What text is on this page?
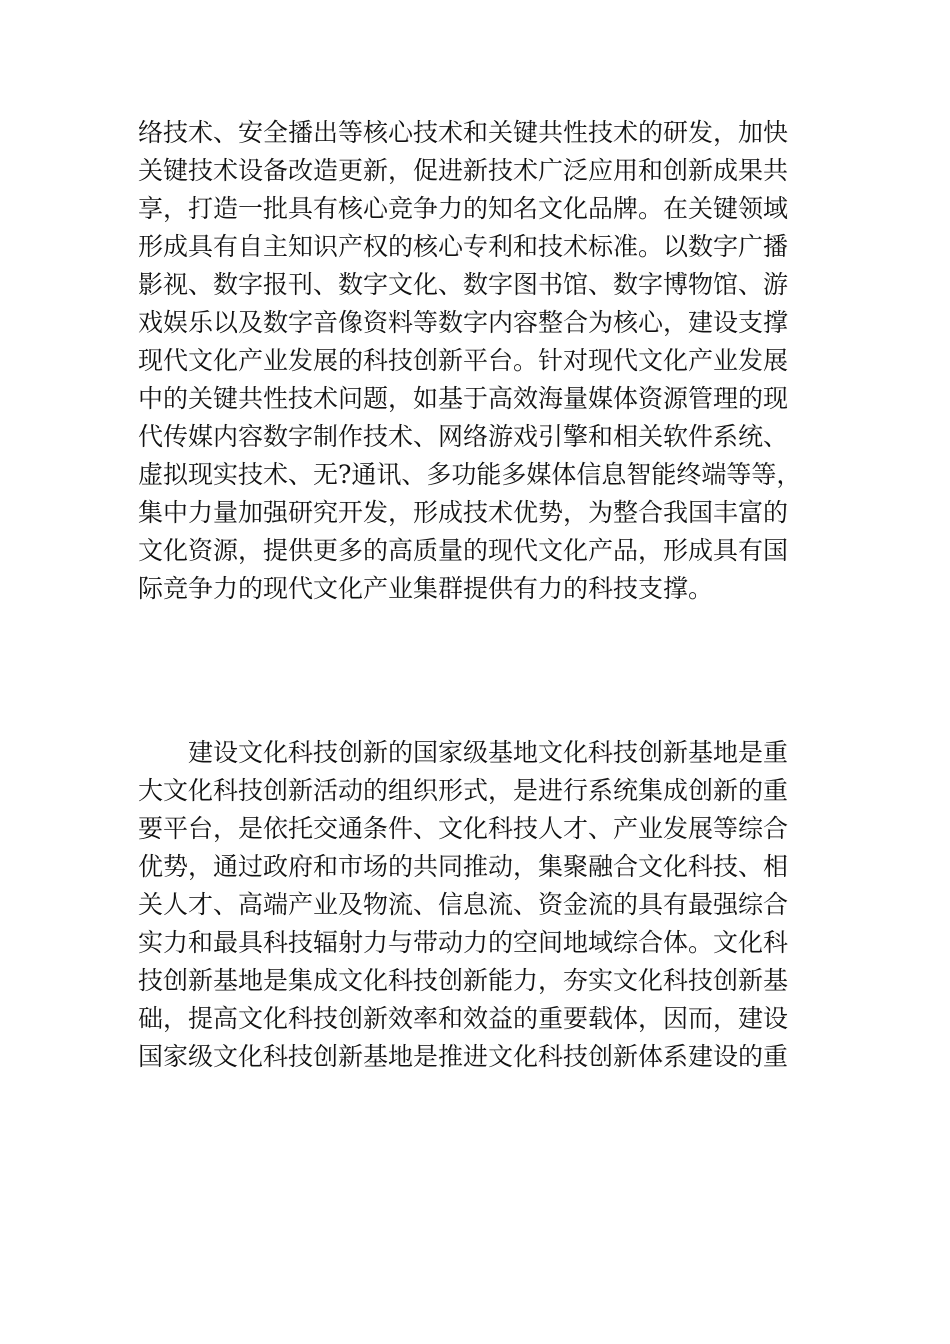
络技术、安全播出等核心技术和关键共性技术的研发，加快
关键技术设备改造更新，促进新技术广泛应用和创新成果共
享，打造一批具有核心竞争力的知名文化品牌。在关键领域
形成具有自主知识产权的核心专利和技术标准。以数字广播
影视、数字报刊、数字文化、数字图书馆、数字博物馆、游
戏娱乐以及数字音像资料等数字内容整合为核心，建设支撑
现代文化产业发展的科技创新平台。针对现代文化产业发展
中的关键共性技术问题，如基于高效海量媒体资源管理的现
代传媒内容数字制作技术、网络游戏引擎和相关软件系统、
虚拟现实技术、无?通讯、多功能多媒体信息智能终端等等，
集中力量加强研究开发，形成技术优势，为整合我国丰富的
文化资源，提供更多的高质量的现代文化产品，形成具有国
际竞争力的现代文化产业集群提供有力的科技支撑。
建设文化科技创新的国家级基地文化科技创新基地是重
大文化科技创新活动的组织形式，是进行系统集成创新的重
要平台，是依托交通条件、文化科技人才、产业发展等综合
优势，通过政府和市场的共同推动，集聚融合文化科技、相
关人才、高端产业及物流、信息流、资金流的具有最强综合
实力和最具科技辐射力与带动力的空间地域综合体。文化科
技创新基地是集成文化科技创新能力，夯实文化科技创新基
础，提高文化科技创新效率和效益的重要载体，因而，建设
国家级文化科技创新基地是推进文化科技创新体系建设的重
